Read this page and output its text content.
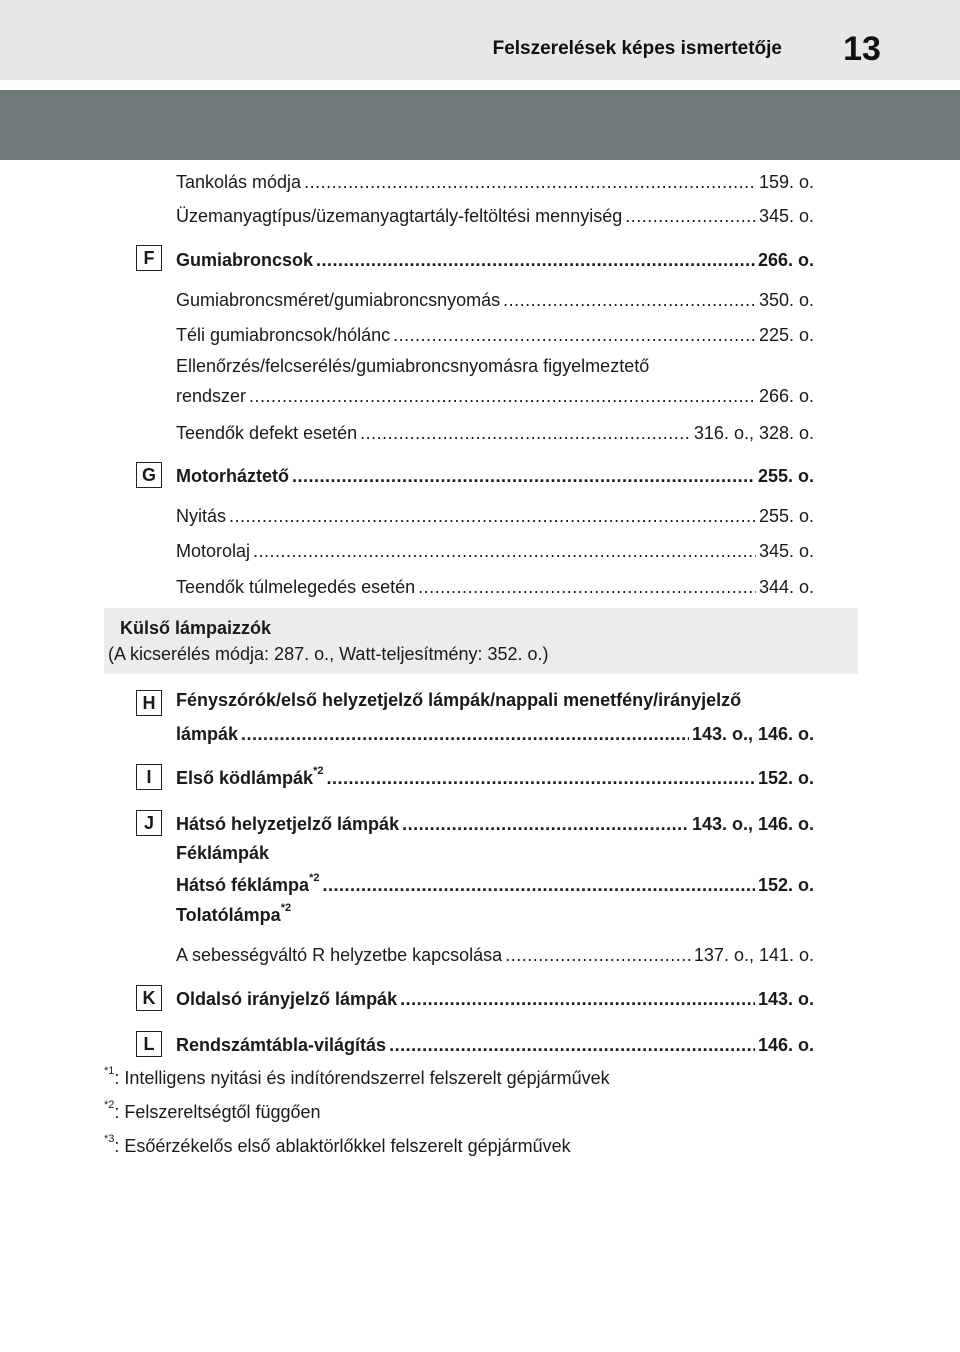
Felszerelések képes ismertetője	13
Tankolás módja .....	159. o.
Üzemanyagtípus/üzemanyagtartály-feltöltési mennyiség .....	345. o.
F	Gumiabroncsok .....	266. o.
Gumiabroncsméret/gumiabroncsnyomás .....	350. o.
Téli gumiabroncsok/hólánc .....	225. o.
Ellenőrzés/felcserélés/gumiabroncsnyomásra figyelmeztető
rendszer .....	266. o.
Teendők defekt esetén .....	316. o., 328. o.
G	Motorháztető .....	255. o.
Nyitás .....	255. o.
Motorolaj .....	345. o.
Teendők túlmelegedés esetén .....	344. o.
Külső lámpaizzók
(A kicserélés módja: 287. o., Watt-teljesítmény: 352. o.)
H	Fényszórók/első helyzetjelző lámpák/nappali menetfény/irányjelző
lámpák .....	143. o., 146. o.
I	Első ködlámpák$^{*2}$ .....	152. o.
J	Hátsó helyzetjelző lámpák .....	143. o., 146. o.
Féklámpák
Hátsó féklámpa$^{*2}$ .....	152. o.
Tolatólámpa$^{*2}$
A sebességváltó R helyzetbe kapcsolása .....	137. o., 141. o.
K	Oldalsó irányjelző lámpák .....	143. o.
L	Rendszámtábla-világítás .....	146. o.
$^{*1}$: Intelligens nyitási és indítórendszerrel felszerelt gépjárművek
$^{*2}$: Felszereltségtől függően
$^{*3}$: Esőérzékelős első ablaktörlőkkel felszerelt gépjárművek
